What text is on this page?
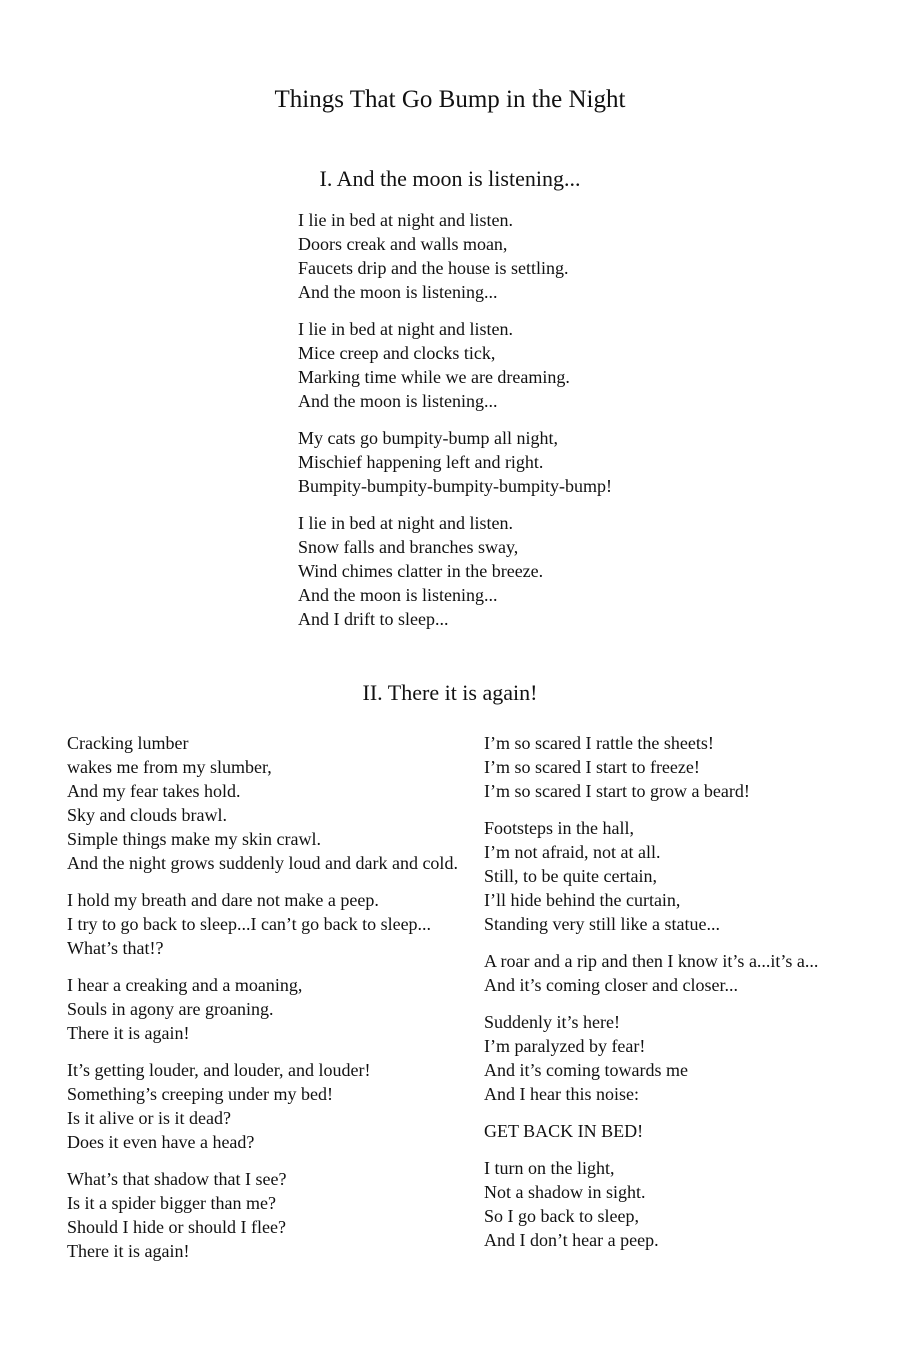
Things That Go Bump in the Night
I. And the moon is listening...
I lie in bed at night and listen.
Doors creak and walls moan,
Faucets drip and the house is settling.
And the moon is listening...
I lie in bed at night and listen.
Mice creep and clocks tick,
Marking time while we are dreaming.
And the moon is listening...
My cats go bumpity-bump all night,
Mischief happening left and right.
Bumpity-bumpity-bumpity-bumpity-bump!
I lie in bed at night and listen.
Snow falls and branches sway,
Wind chimes clatter in the breeze.
And the moon is listening...
And I drift to sleep...
II. There it is again!
Cracking lumber
wakes me from my slumber,
And my fear takes hold.
Sky and clouds brawl.
Simple things make my skin crawl.
And the night grows suddenly loud and dark and cold.
I hold my breath and dare not make a peep.
I try to go back to sleep...I can’t go back to sleep...
What’s that!?
I hear a creaking and a moaning,
Souls in agony are groaning.
There it is again!
It’s getting louder, and louder, and louder!
Something’s creeping under my bed!
Is it alive or is it dead?
Does it even have a head?
What’s that shadow that I see?
Is it a spider bigger than me?
Should I hide or should I flee?
There it is again!
I’m so scared I rattle the sheets!
I’m so scared I start to freeze!
I’m so scared I start to grow a beard!
Footsteps in the hall,
I’m not afraid, not at all.
Still, to be quite certain,
I’ll hide behind the curtain,
Standing very still like a statue...
A roar and a rip and then I know it’s a...it’s a...
And it’s coming closer and closer...
Suddenly it’s here!
I’m paralyzed by fear!
And it’s coming towards me
And I hear this noise:
GET BACK IN BED!
I turn on the light,
Not a shadow in sight.
So I go back to sleep,
And I don’t hear a peep.
